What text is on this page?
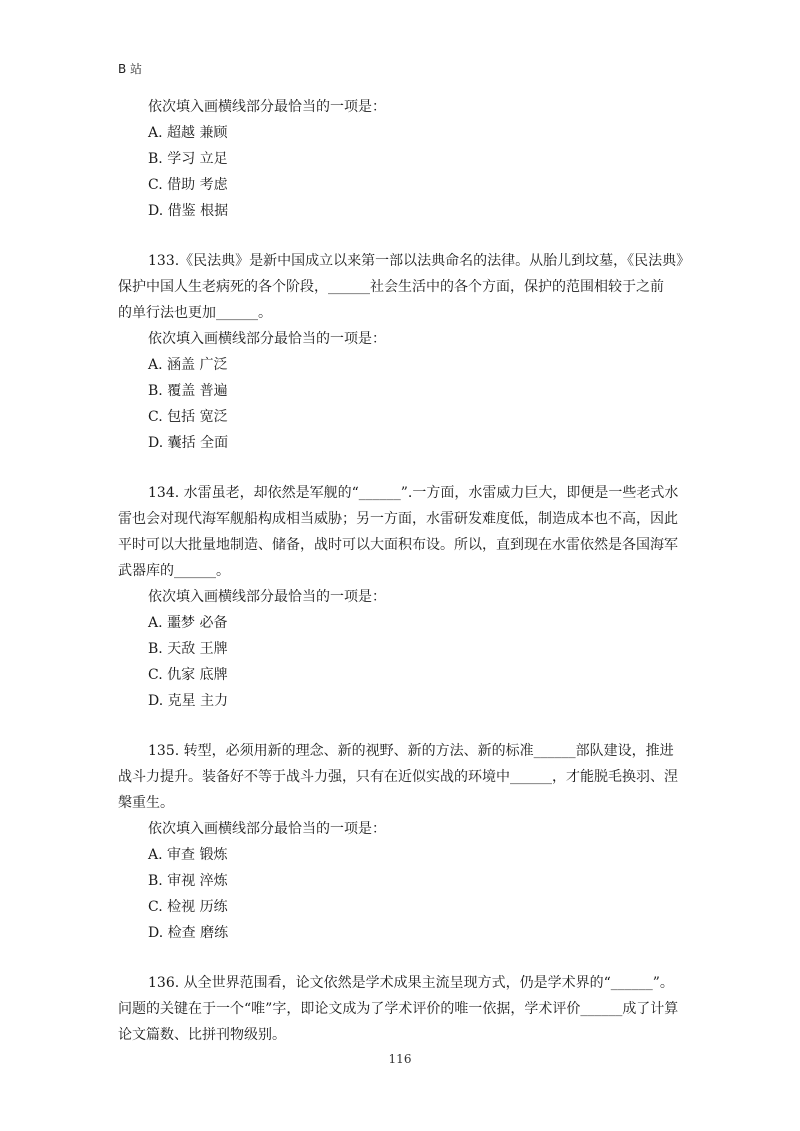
B 站
依次填入画横线部分最恰当的一项是：
A. 超越 兼顾
B. 学习 立足
C. 借助 考虑
D. 借鉴 根据
133.《民法典》是新中国成立以来第一部以法典命名的法律。从胎儿到坟墓，《民法典》
保护中国人生老病死的各个阶段，______社会生活中的各个方面，保护的范围相较于之前
的单行法也更加______。
依次填入画横线部分最恰当的一项是：
A. 涵盖 广泛
B. 覆盖 普遍
C. 包括 宽泛
D. 囊括 全面
134. 水雷虽老，却依然是军舰的“______”.一方面，水雷威力巨大，即便是一些老式水
雷也会对现代海军舰船构成相当威胁；另一方面，水雷研发难度低，制造成本也不高，因此
平时可以大批量地制造、储备，战时可以大面积布设。所以，直到现在水雷依然是各国海军
武器库的______。
依次填入画横线部分最恰当的一项是：
A. 噩梦 必备
B. 天敌 王牌
C. 仇家 底牌
D. 克星 主力
135. 转型，必须用新的理念、新的视野、新的方法、新的标准______部队建设，推进
战斗力提升。装备好不等于战斗力强，只有在近似实战的环境中______，才能脱毛换羽、涅
槃重生。
依次填入画横线部分最恰当的一项是：
A. 审查 锻炼
B. 审视 淬炼
C. 检视 历练
D. 检查 磨练
136. 从全世界范围看，论文依然是学术成果主流呈现方式，仍是学术界的“______”。
问题的关键在于一个“唯”字，即论文成为了学术评价的唯一依据，学术评价______成了计算
论文篇数、比拼刊物级别。
116
